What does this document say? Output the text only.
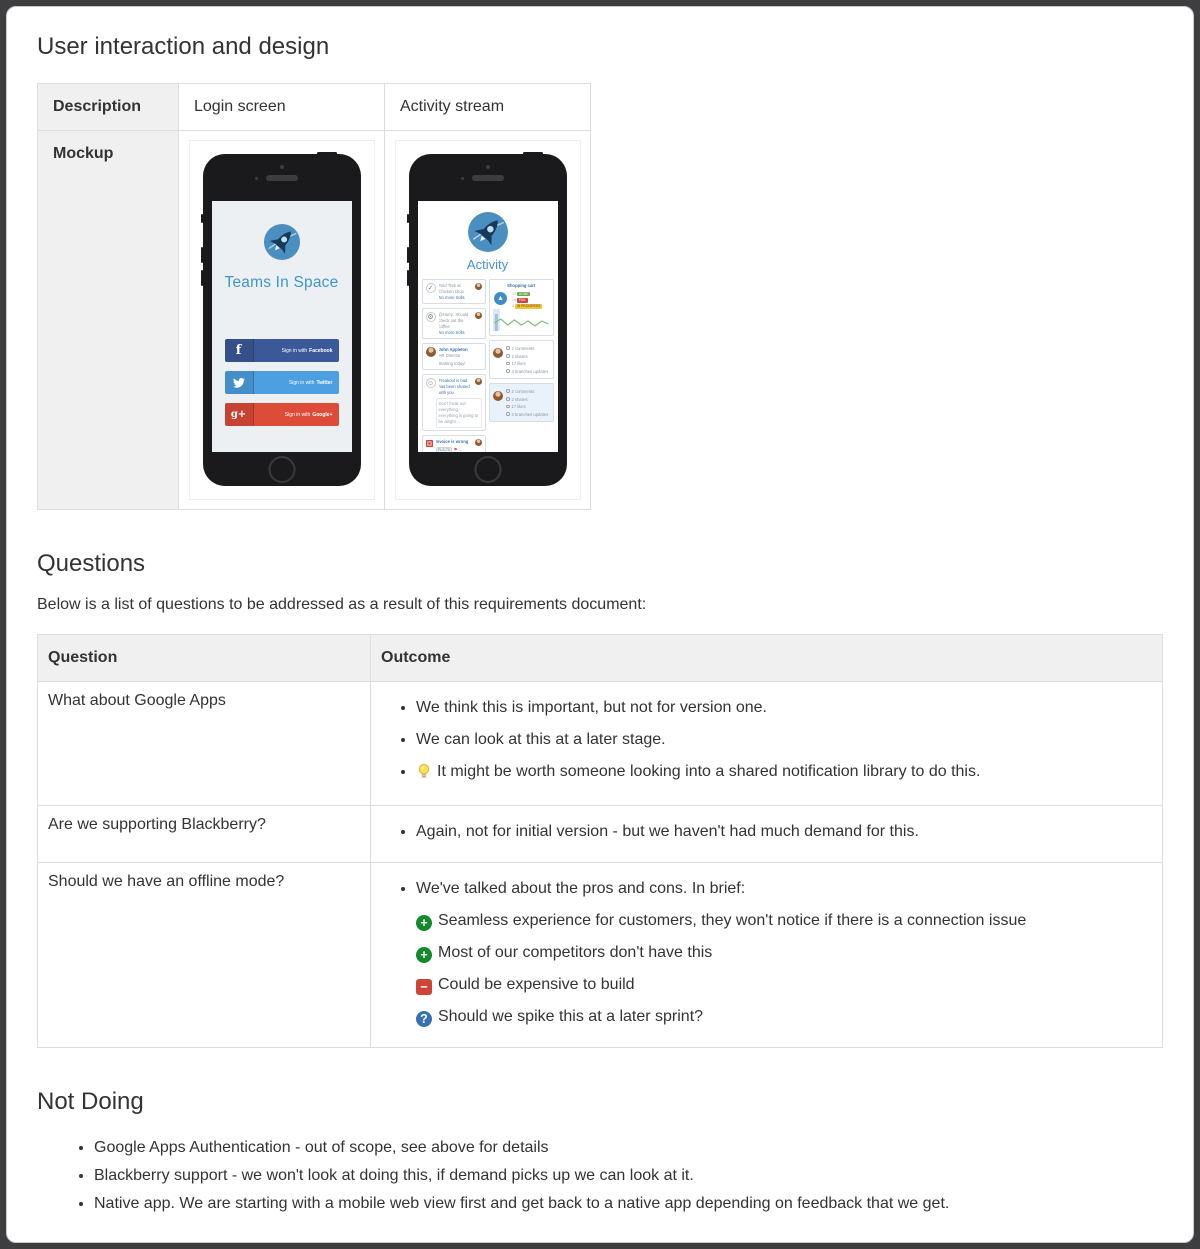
User interaction and design
Description	Login screen	Activity stream
Mockup	
Teams In Space
f	Sign in with Facebook
Sign in with Twitter
g+	Sign in with Google+

Activity
✓	Find Trek at Chicken shop
No more trolls
⚙	@Harry: Should check out the coffee
No more trolls
John Appleton
HR Director
Starting today!
☺	Freakout is bad has been shared with you
Don't freak out everything, everything is going to be alright ...
Invoice is wrong
FLS-73 ⚑ ⌄
Shopping cart
▲
17 DONE
10 FAIL
3 IN PROGRESS
2 comments
2 shares
17 likes
3 branches updates
2 comments
2 shares
17 likes
3 branches updates
Questions

Below is a list of questions to be addressed as a result of this requirements document:

Question	Outcome
What about Google Apps	
•We think this is important, but not for version one.
• We can look at this at a later stage.
• It might be worth someone looking into a shared notification library to do this.

Are we supporting Blackberry?	
•Again, not for initial version - but we haven't had much demand for this.

Should we have an offline mode?	
•We've talked about the pros and cons. In brief:
+ Seamless experience for customers, they won't notice if there is a connection issue
+ Most of our competitors don't have this
− Could be expensive to build
? Should we spike this at a later sprint?
Not Doing
• Google Apps Authentication - out of scope, see above for details
• Blackberry support - we won't look at doing this, if demand picks up we can look at it.
• Native app. We are starting with a mobile web view first and get back to a native app depending on feedback that we get.
